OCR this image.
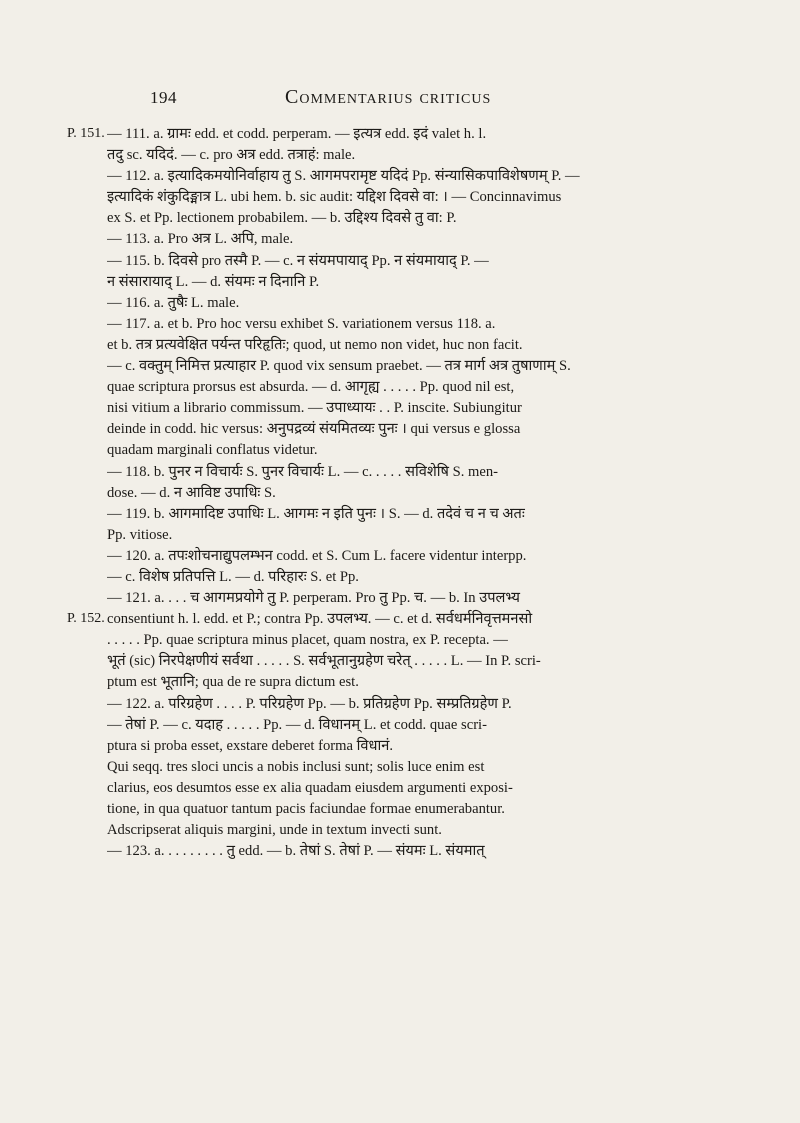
194	Commentarius criticus
P. 151.
P. 152.
— 111. a. ग्रामः edd. et codd. perperam. — इत्यत्र edd. इदं valet h. l.
तदु sc. यदिदं. — c. pro अत्र edd. तत्राहं: male.
— 112. a. इत्यादिकमयोनिर्वाहाय तु S. आगमपरामृष्ट यदिदं Pp. संन्यासिकपाविशेषणम् P. —
इत्यादिकं शंकुदिङ्मात्र L. ubi hem. b. sic audit: यद्दिश दिवसे वा: । — Concinnavimus
ex S. et Pp. lectionem probabilem. — b. उद्दिश्य दिवसे तु वा: P.
— 113. a. Pro अत्र L. अपि, male.
— 115. b. दिवसे pro तस्मै P. — c. न संयमपायाद् Pp. न संयमायाद् P. —
न संसारायाद् L. — d. संयमः न दिनानि P.
— 116. a. तुषैः L. male.
— 117. a. et b. Pro hoc versu exhibet S. variationem versus 118. a.
et b. तत्र प्रत्यवेक्षित पर्यन्त परिहृतिः; quod, ut nemo non videt, huc non facit.
— c. वक्तुम् निमित्त प्रत्याहार P. quod vix sensum praebet. — तत्र मार्ग अत्र तुषाणाम् S.
quae scriptura prorsus est absurda. — d. आगृह्य . . . . . Pp. quod nil est,
nisi vitium a librario commissum. — उपाध्यायः . . P. inscite. Subiungitur
deinde in codd. hic versus: अनुपद्रव्यं संयमितव्यः पुनः । qui versus e glossa
quadam marginali conflatus videtur.
— 118. b. पुनर न विचार्यः S. पुनर विचार्यः L. — c. . . . . सविशेषि S. men-
dose. — d. न आविष्ट उपाधिः S.
— 119. b. आगमादिष्ट उपाधिः L. आगमः न इति पुनः । S. — d. तदेवं च न च अतः
Pp. vitiose.
— 120. a. तपःशोचनाद्युपलम्भन codd. et S. Cum L. facere videntur interpp.
— c. विशेष प्रतिपत्ति L. — d. परिहारः S. et Pp.
— 121. a. . . . च आगमप्रयोगे तु P. perperam. Pro तु Pp. च. — b. In उपलभ्य
consentiunt h. l. edd. et P.; contra Pp. उपलभ्य. — c. et d. सर्वधर्मनिवृत्तमनसो
. . . . . Pp. quae scriptura minus placet, quam nostra, ex P. recepta. —
भूतं (sic) निरपेक्षणीयं सर्वथा . . . . . S. सर्वभूतानुग्रहेण चरेत् . . . . . L. — In P. scri-
ptum est भूतानि; qua de re supra dictum est.
— 122. a. परिग्रहेण . . . . P. परिग्रहेण Pp. — b. प्रतिग्रहेण Pp. सम्प्रतिग्रहेण P.
— तेषां P. — c. यदाह . . . . . Pp. — d. विधानम् L. et codd. quae scri-
ptura si proba esset, exstare deberet forma विधानं.
Qui seqq. tres sloci uncis a nobis inclusi sunt; solis luce enim est
clarius, eos desumtos esse ex alia quadam eiusdem argumenti exposi-
tione, in qua quatuor tantum pacis faciundae formae enumerabantur.
Adscripserat aliquis margini, unde in textum invecti sunt.
— 123. a. . . . . . . . . तु edd. — b. तेषां S. तेषां P. — संयमः L. संयमात्
